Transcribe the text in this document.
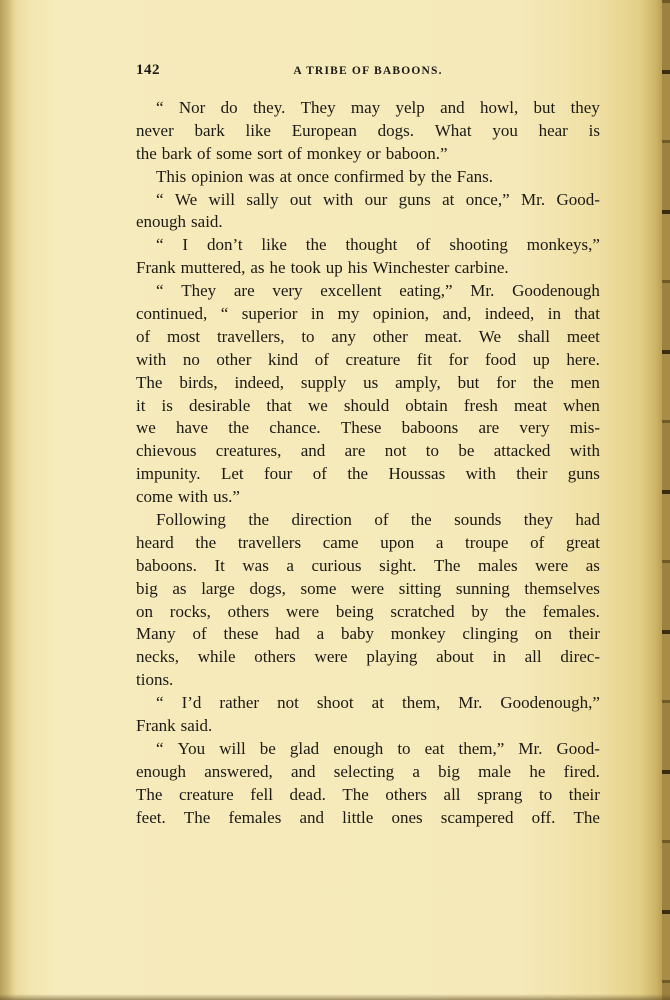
142	A TRIBE OF BABOONS.
“ Nor do they. They may yelp and howl, but they
never bark like European dogs. What you hear is
the bark of some sort of monkey or baboon.”
This opinion was at once confirmed by the Fans.
“ We will sally out with our guns at once,” Mr. Good-
enough said.
“ I don’t like the thought of shooting monkeys,”
Frank muttered, as he took up his Winchester carbine.
“ They are very excellent eating,” Mr. Goodenough
continued, “ superior in my opinion, and, indeed, in that
of most travellers, to any other meat. We shall meet
with no other kind of creature fit for food up here.
The birds, indeed, supply us amply, but for the men
it is desirable that we should obtain fresh meat when
we have the chance. These baboons are very mis-
chievous creatures, and are not to be attacked with
impunity. Let four of the Houssas with their guns
come with us.”
Following the direction of the sounds they had
heard the travellers came upon a troupe of great
baboons. It was a curious sight. The males were as
big as large dogs, some were sitting sunning themselves
on rocks, others were being scratched by the females.
Many of these had a baby monkey clinging on their
necks, while others were playing about in all direc-
tions.
“ I’d rather not shoot at them, Mr. Goodenough,”
Frank said.
“ You will be glad enough to eat them,” Mr. Good-
enough answered, and selecting a big male he fired.
The creature fell dead. The others all sprang to their
feet. The females and little ones scampered off. The
